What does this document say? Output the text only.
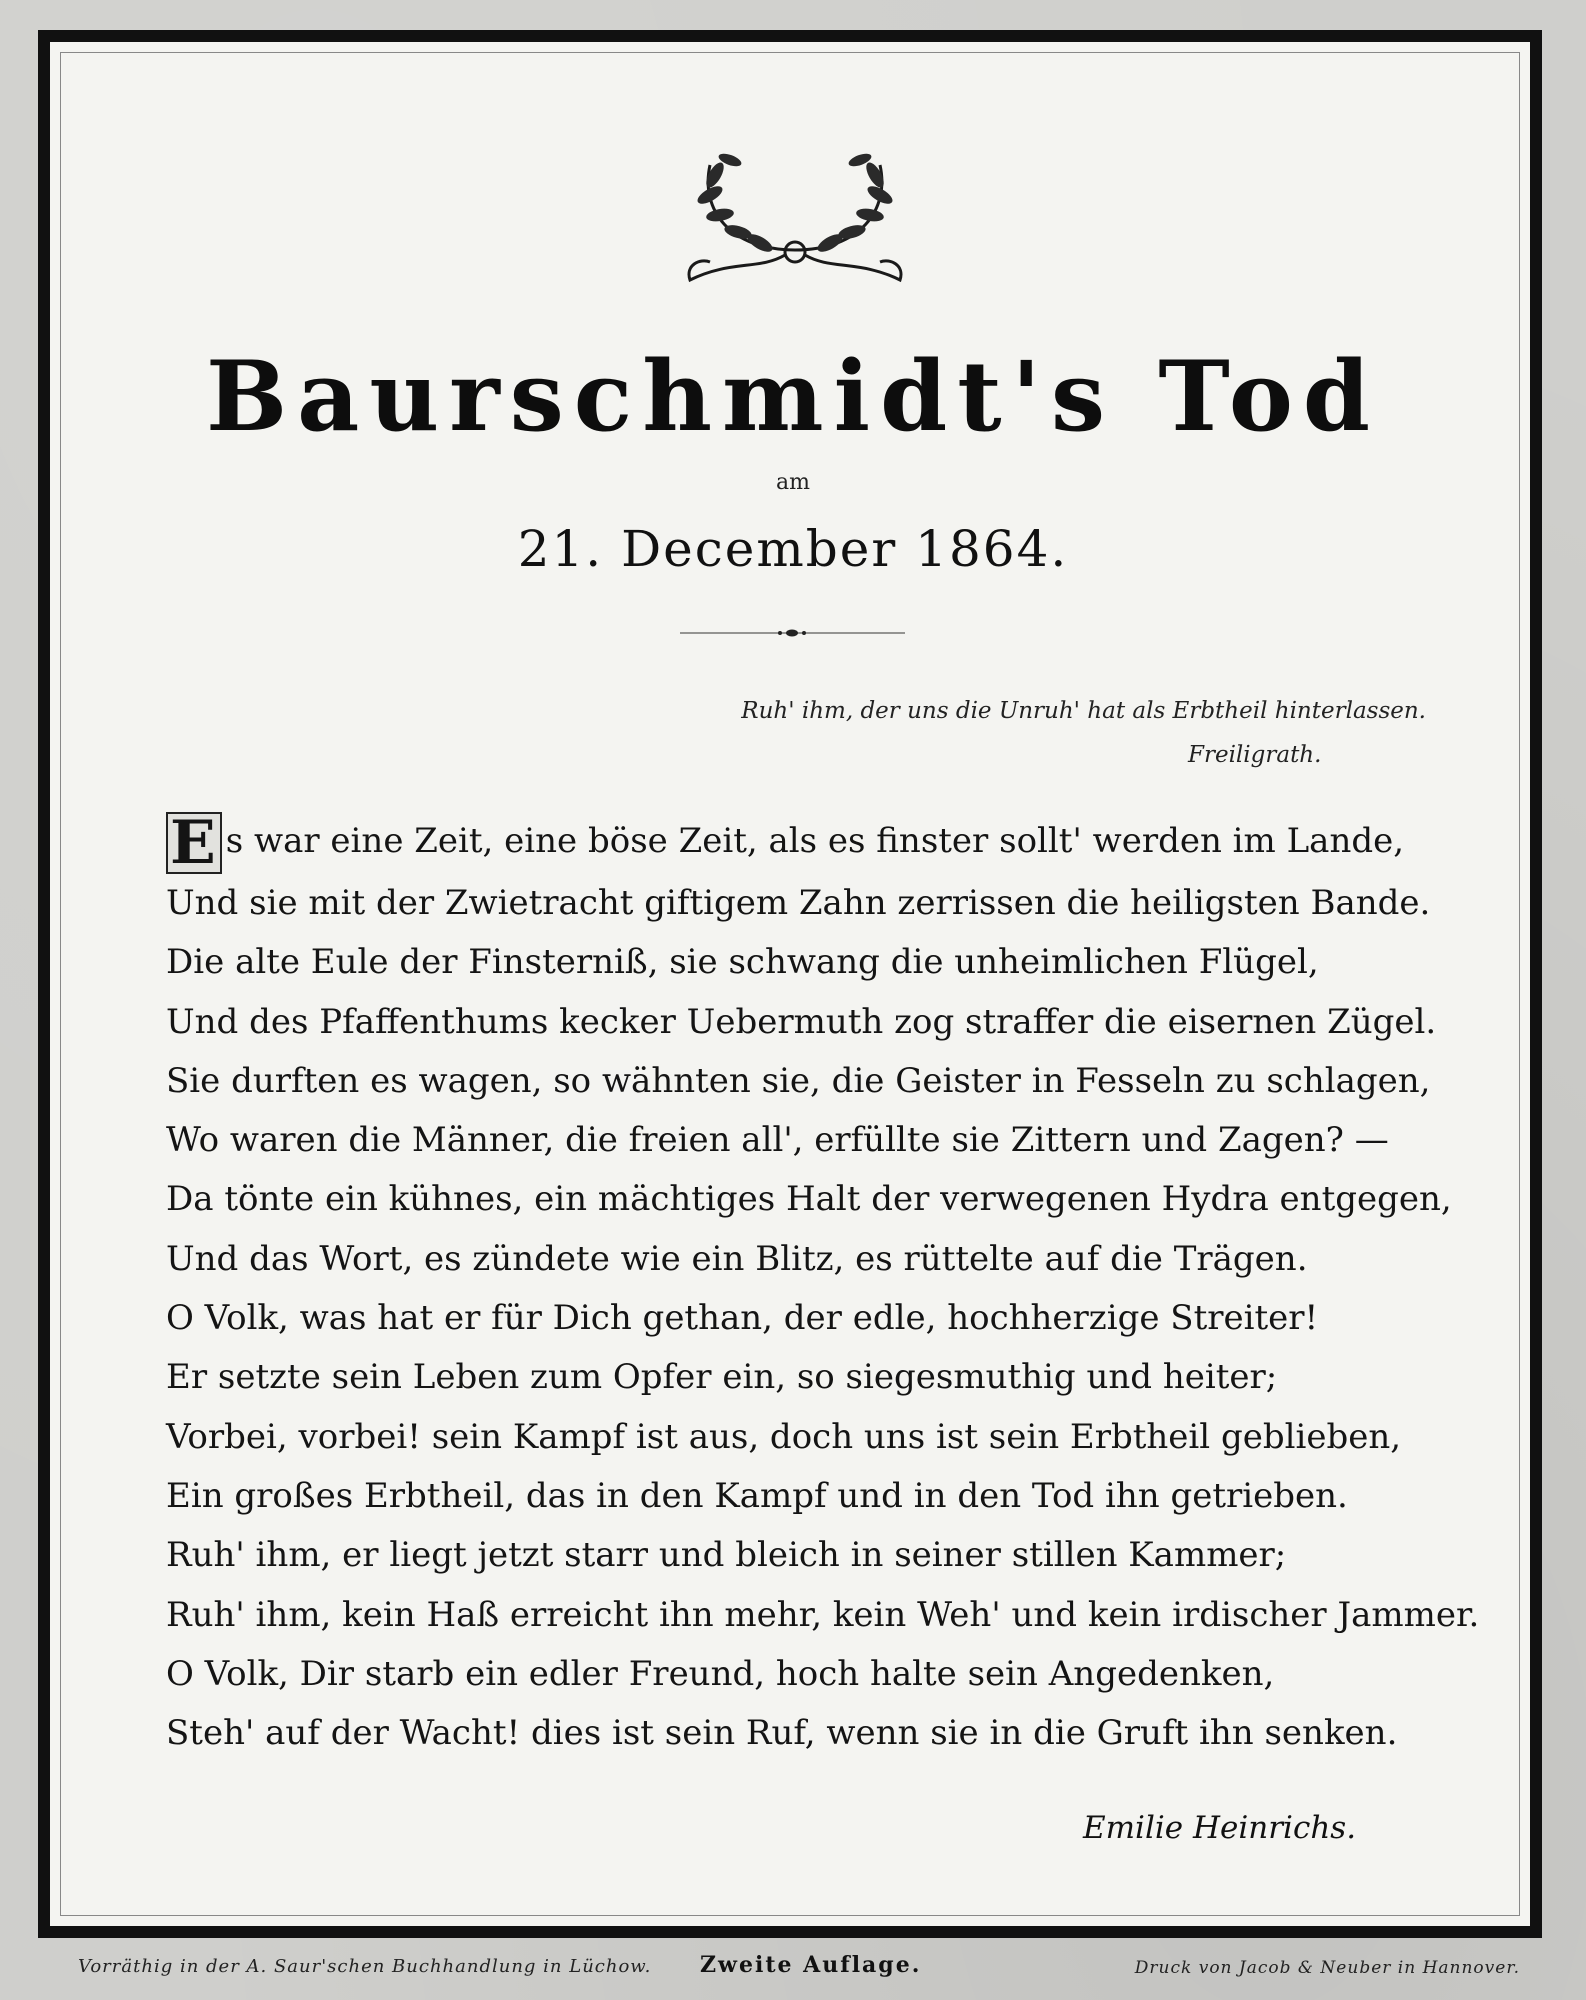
Baurschmidt's Tod
am
21. December 1864.
Ruh' ihm, der uns die Unruh' hat als Erbtheil hinterlassen.
Freiligrath.
E s war eine Zeit, eine böse Zeit, als es finster sollt' werden im Lande,
Und sie mit der Zwietracht giftigem Zahn zerrissen die heiligsten Bande.
Die alte Eule der Finsterniß, sie schwang die unheimlichen Flügel,
Und des Pfaffenthums kecker Uebermuth zog straffer die eisernen Zügel.
Sie durften es wagen, so wähnten sie, die Geister in Fesseln zu schlagen,
Wo waren die Männer, die freien all', erfüllte sie Zittern und Zagen? —
Da tönte ein kühnes, ein mächtiges Halt der verwegenen Hydra entgegen,
Und das Wort, es zündete wie ein Blitz, es rüttelte auf die Trägen.
O Volk, was hat er für Dich gethan, der edle, hochherzige Streiter!
Er setzte sein Leben zum Opfer ein, so siegesmuthig und heiter;
Vorbei, vorbei! sein Kampf ist aus, doch uns ist sein Erbtheil geblieben,
Ein großes Erbtheil, das in den Kampf und in den Tod ihn getrieben.
Ruh' ihm, er liegt jetzt starr und bleich in seiner stillen Kammer;
Ruh' ihm, kein Haß erreicht ihn mehr, kein Weh' und kein irdischer Jammer.
O Volk, Dir starb ein edler Freund, hoch halte sein Angedenken,
Steh' auf der Wacht! dies ist sein Ruf, wenn sie in die Gruft ihn senken.
Emilie Heinrichs.
Vorräthig in der A. Saur'schen Buchhandlung in Lüchow. Zweite Auflage.	Druck von Jacob & Neuber in Hannover.
